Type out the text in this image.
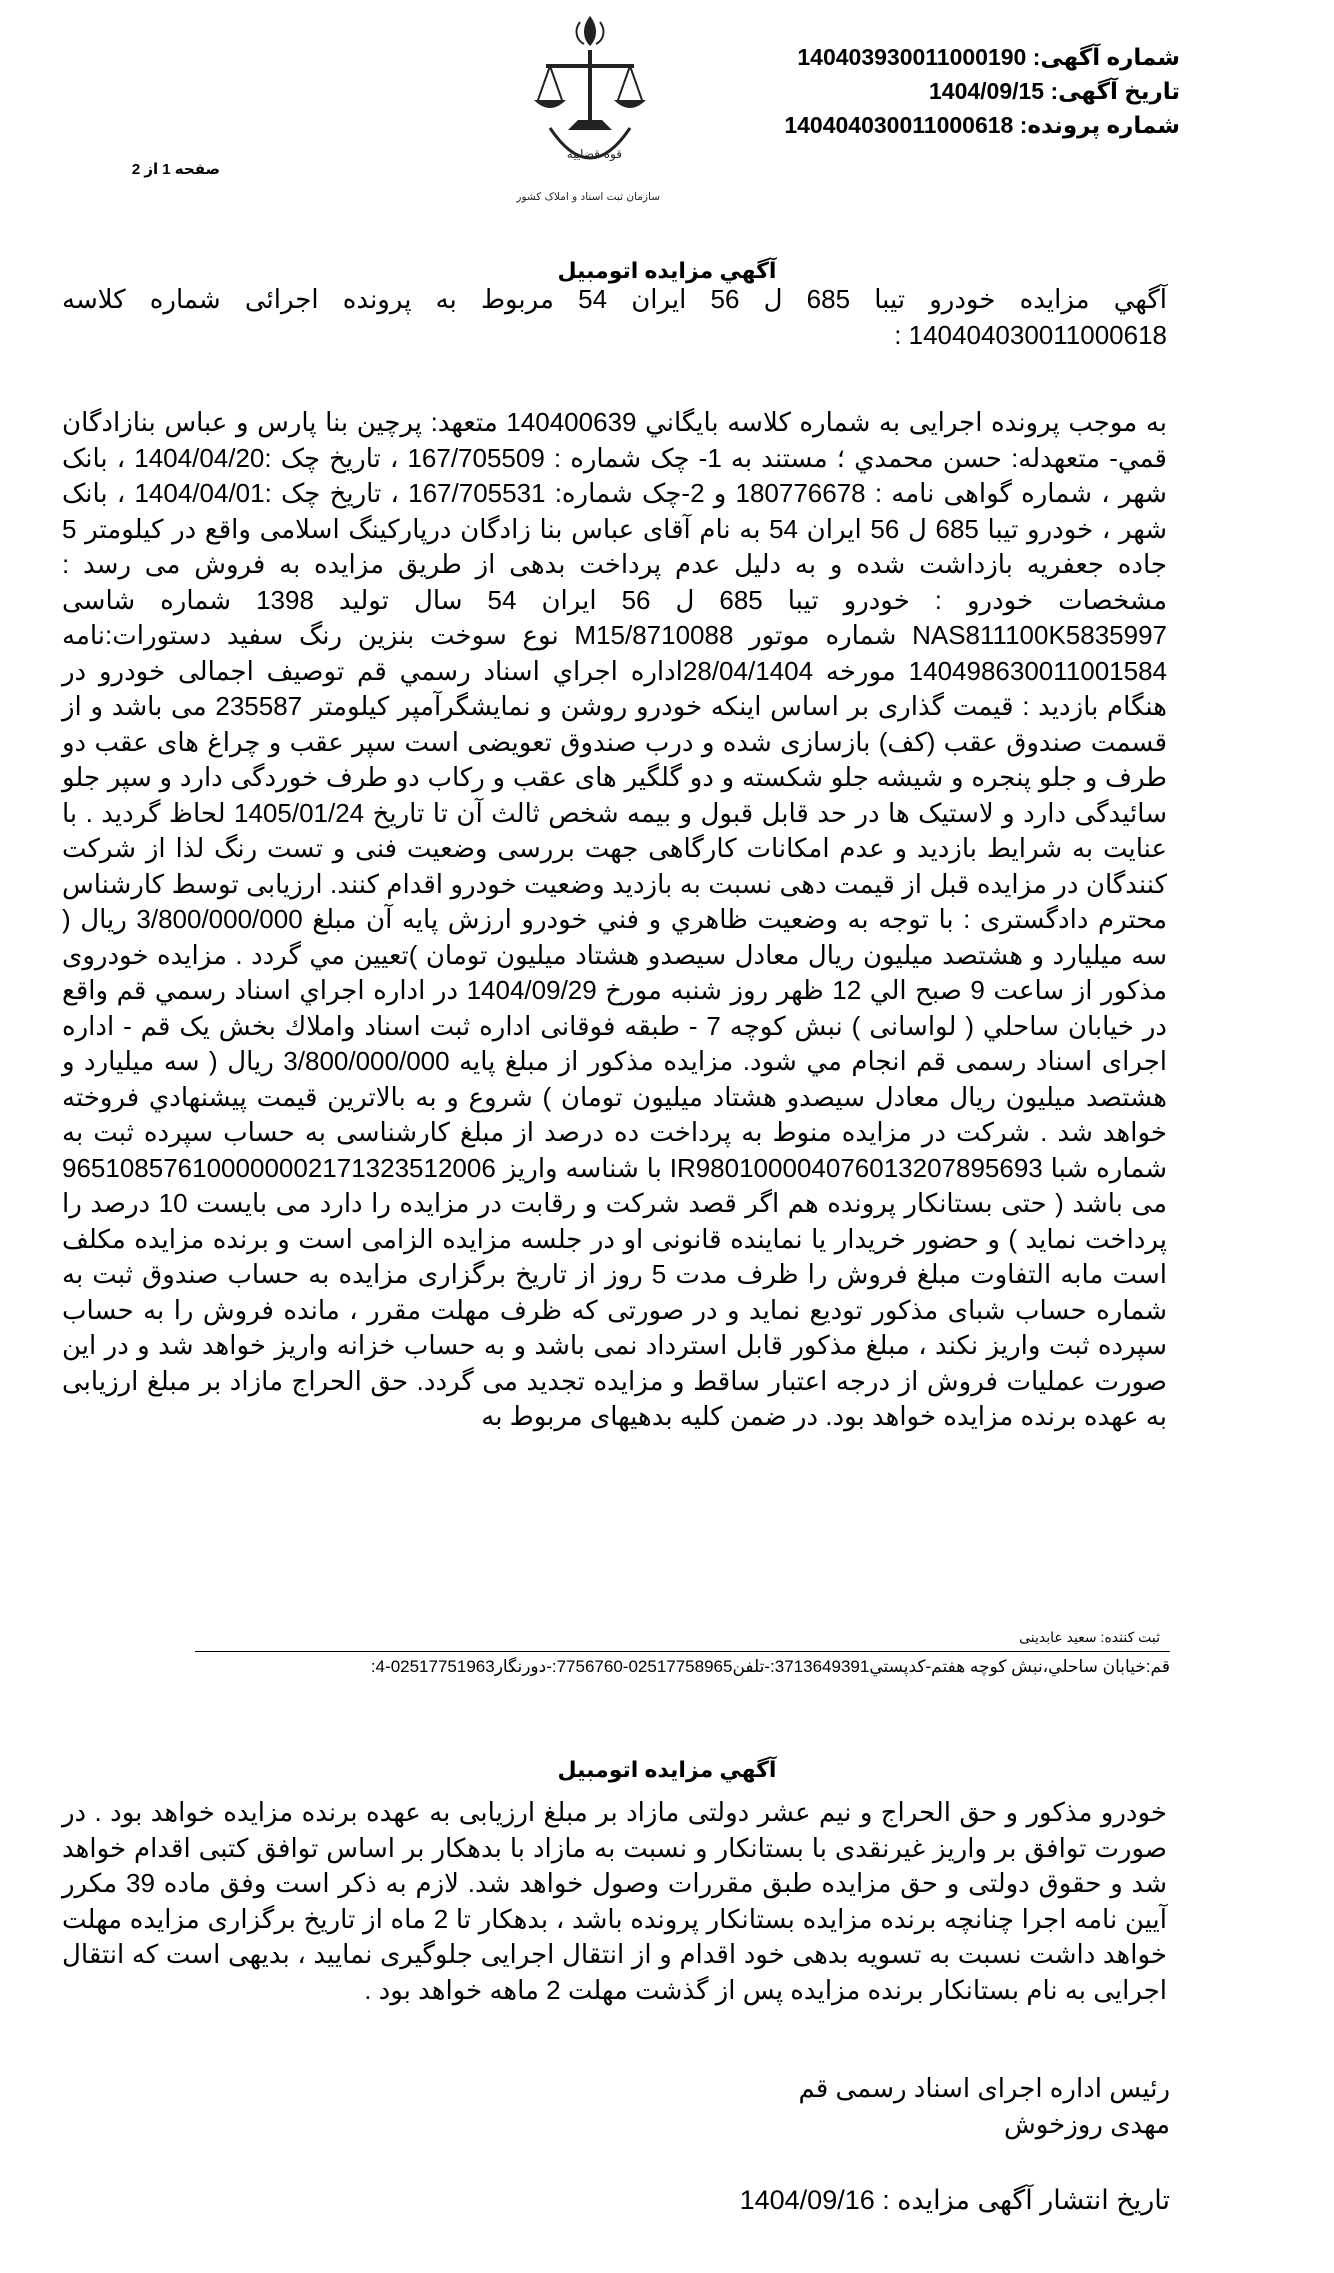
قوه قضاییه
سازمان ثبت اسناد و املاک کشور
شماره آگهی: 140403930011000190
تاریخ آگهی: 1404/09/15
شماره پرونده: 140404030011000618
صفحه 1 از 2
آگهي مزايده اتومبيل
آگهي مزايده خودرو تيبا 685 ل 56 ايران 54 مربوط به پرونده اجرائی شماره کلاسه 140404030011000618 :
به موجب پرونده اجرايی به شماره كلاسه بايگاني 140400639 متعهد: پرچين بنا پارس و عباس بنازادگان قمي- متعهدله: حسن محمدي ؛ مستند به 1- چک شماره : 167/705509 ، تاریخ چک :1404/04/20 ، بانک شهر ، شماره گواهی نامه : 180776678 و 2-چک شماره: 167/705531 ، تاریخ چک :1404/04/01 ، بانک شهر ، خودرو تیبا 685 ل 56 ایران 54 به نام آقای عباس بنا زادگان درپارکینگ اسلامی واقع در کیلومتر 5 جاده جعفریه بازداشت شده و به دلیل عدم پرداخت بدهی از طریق مزایده به فروش می رسد : مشخصات خودرو : خودرو تیبا 685 ل 56 ایران 54 سال تولید 1398 شماره شاسی NAS811100K5835997 شماره موتور M15/8710088 نوع سوخت بنزین رنگ سفید دستورات:نامه 140498630011001584 مورخه 28/04/1404اداره اجراي اسناد رسمي قم توصیف اجمالی خودرو در هنگام بازدید : قیمت گذاری بر اساس اینکه خودرو روشن و نمایشگرآمپر کیلومتر 235587 می باشد و از قسمت صندوق عقب (کف) بازسازی شده و درب صندوق تعویضی است سپر عقب و چراغ های عقب دو طرف و جلو پنجره و شیشه جلو شکسته و دو گلگیر های عقب و رکاب دو طرف خوردگی دارد و سپر جلو سائیدگی دارد و لاستیک ها در حد قابل قبول و بیمه شخص ثالث آن تا تاریخ 1405/01/24 لحاظ گردید . با عنایت به شرایط بازدید و عدم امکانات کارگاهی جهت بررسی وضعیت فنی و تست رنگ لذا از شرکت کنندگان در مزایده قبل از قیمت دهی نسبت به بازدید وضعیت خودرو اقدام کنند. ارزیابی توسط کارشناس محترم دادگستری : با توجه به وضعيت ظاهري و فني خودرو ارزش پايه آن مبلغ 3/800/000/000 ريال ( سه میلیارد و هشتصد میلیون ریال معادل سیصدو هشتاد میلیون تومان )تعيين مي گردد . مزايده خودروی مذكور از ساعت 9 صبح الي 12 ظهر روز شنبه مورخ 1404/09/29 در اداره اجراي اسناد رسمي قم واقع در خيابان ساحلي ( لواسانی ) نبش كوچه 7 - طبقه فوقانی اداره ثبت اسناد واملاك بخش یک قم - اداره اجرای اسناد رسمی قم انجام مي شود. مزايده مذكور از مبلغ پايه 3/800/000/000 ريال ( سه میلیارد و هشتصد میلیون ریال معادل سیصدو هشتاد میلیون تومان ) شروع و به بالاترين قيمت پيشنهادي فروخته خواهد شد . شرکت در مزایده منوط به پرداخت ده درصد از مبلغ کارشناسی به حساب سپرده ثبت به شماره شبا IR980100004076013207895693 با شناسه واریز 965108576100000002171323512006 می باشد ( حتی بستانکار پرونده هم اگر قصد شرکت و رقابت در مزایده را دارد می بایست 10 درصد را پرداخت نماید ) و حضور خریدار یا نماینده قانونی او در جلسه مزایده الزامی است و برنده مزایده مکلف است مابه التفاوت مبلغ فروش را ظرف مدت 5 روز از تاریخ برگزاری مزایده به حساب صندوق ثبت به شماره حساب شبای مذکور تودیع نماید و در صورتی که ظرف مهلت مقرر ، مانده فروش را به حساب سپرده ثبت واریز نکند ، مبلغ مذکور قابل استرداد نمی باشد و به حساب خزانه واریز خواهد شد و در این صورت عملیات فروش از درجه اعتبار ساقط و مزایده تجدید می گردد. حق الحراج مازاد بر مبلغ ارزیابی به عهده برنده مزایده خواهد بود. در ضمن کلیه بدهیهای مربوط به
ثبت کننده: سعید عابدینی
قم:خيابان ساحلي،نبش كوچه هفتم-كدپستي3713649391:-تلفن02517758965-7756760:-دورنگار02517751963-4:
آگهي مزايده اتومبيل
خودرو مذکور و حق الحراج و نیم عشر دولتی مازاد بر مبلغ ارزیابی به عهده برنده مزایده خواهد بود . در صورت توافق بر واریز غیرنقدی با بستانکار و نسبت به مازاد با بدهکار بر اساس توافق کتبی اقدام خواهد شد و حقوق دولتی و حق مزایده طبق مقررات وصول خواهد شد. لازم به ذکر است وفق ماده 39 مکرر آیین نامه اجرا چنانچه برنده مزایده بستانکار پرونده باشد ، بدهکار تا 2 ماه از تاریخ برگزاری مزایده مهلت خواهد داشت نسبت به تسویه بدهی خود اقدام و از انتقال اجرایی جلوگیری نمایید ، بدیهی است که انتقال اجرایی به نام بستانکار برنده مزایده پس از گذشت مهلت 2 ماهه خواهد بود .
رئیس اداره اجرای اسناد رسمی قم
مهدی روزخوش
تاریخ انتشار آگهی مزایده : 1404/09/16
